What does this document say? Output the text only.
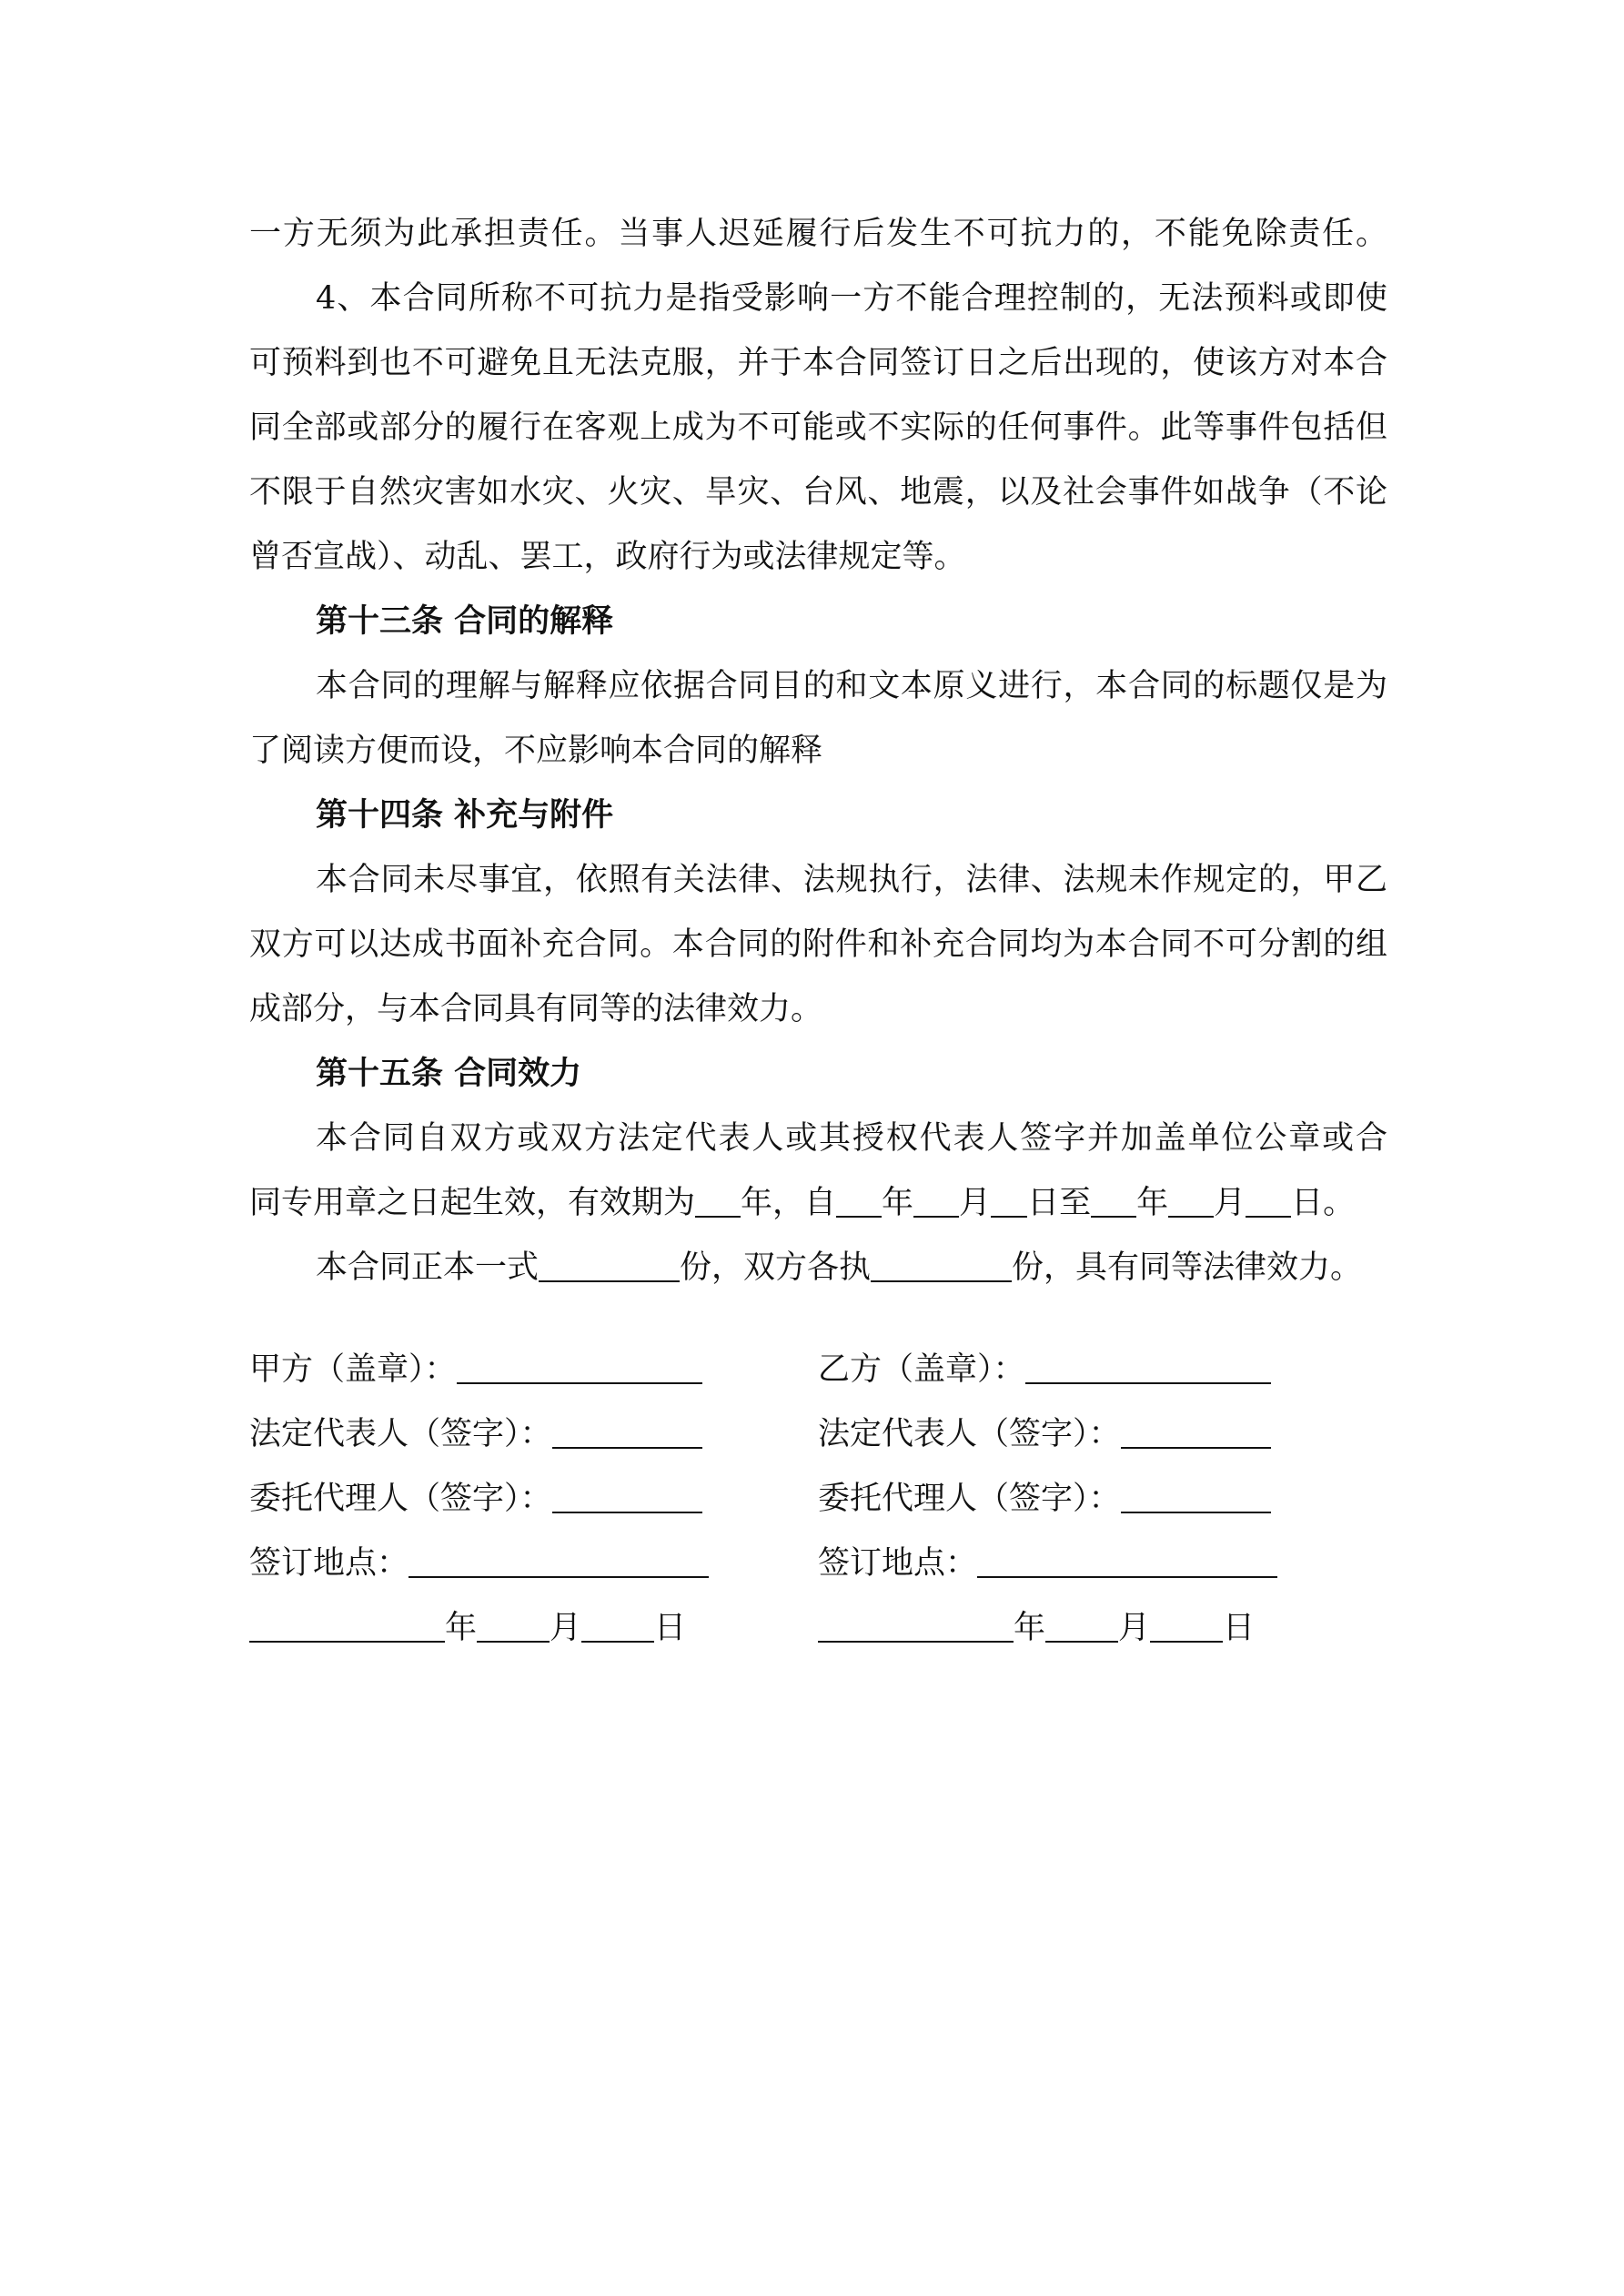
一方无须为此承担责任。当事人迟延履行后发生不可抗力的，不能免除责任。
4、本合同所称不可抗力是指受影响一方不能合理控制的，无法预料或即使
可预料到也不可避免且无法克服，并于本合同签订日之后出现的，使该方对本合
同全部或部分的履行在客观上成为不可能或不实际的任何事件。此等事件包括但
不限于自然灾害如水灾、火灾、旱灾、台风、地震，以及社会事件如战争（不论
曾否宣战）、动乱、罢工，政府行为或法律规定等。
第十三条 合同的解释
本合同的理解与解释应依据合同目的和文本原义进行，本合同的标题仅是为
了阅读方便而设，不应影响本合同的解释
第十四条 补充与附件
本合同未尽事宜，依照有关法律、法规执行，法律、法规未作规定的，甲乙
双方可以达成书面补充合同。本合同的附件和补充合同均为本合同不可分割的组
成部分，与本合同具有同等的法律效力。
第十五条 合同效力
本合同自双方或双方法定代表人或其授权代表人签字并加盖单位公章或合
同专用章之日起生效，有效期为 年，自 年 月 日至 年 月 日。
本合同正本一式	份，双方各执	份，具有同等法律效力。
甲方（盖章）：	乙方（盖章）：
法定代表人（签字）：	法定代表人（签字）：
委托代理人（签字）：	委托代理人（签字）：
签订地点：	签订地点：
年 月 日	年 月 日
